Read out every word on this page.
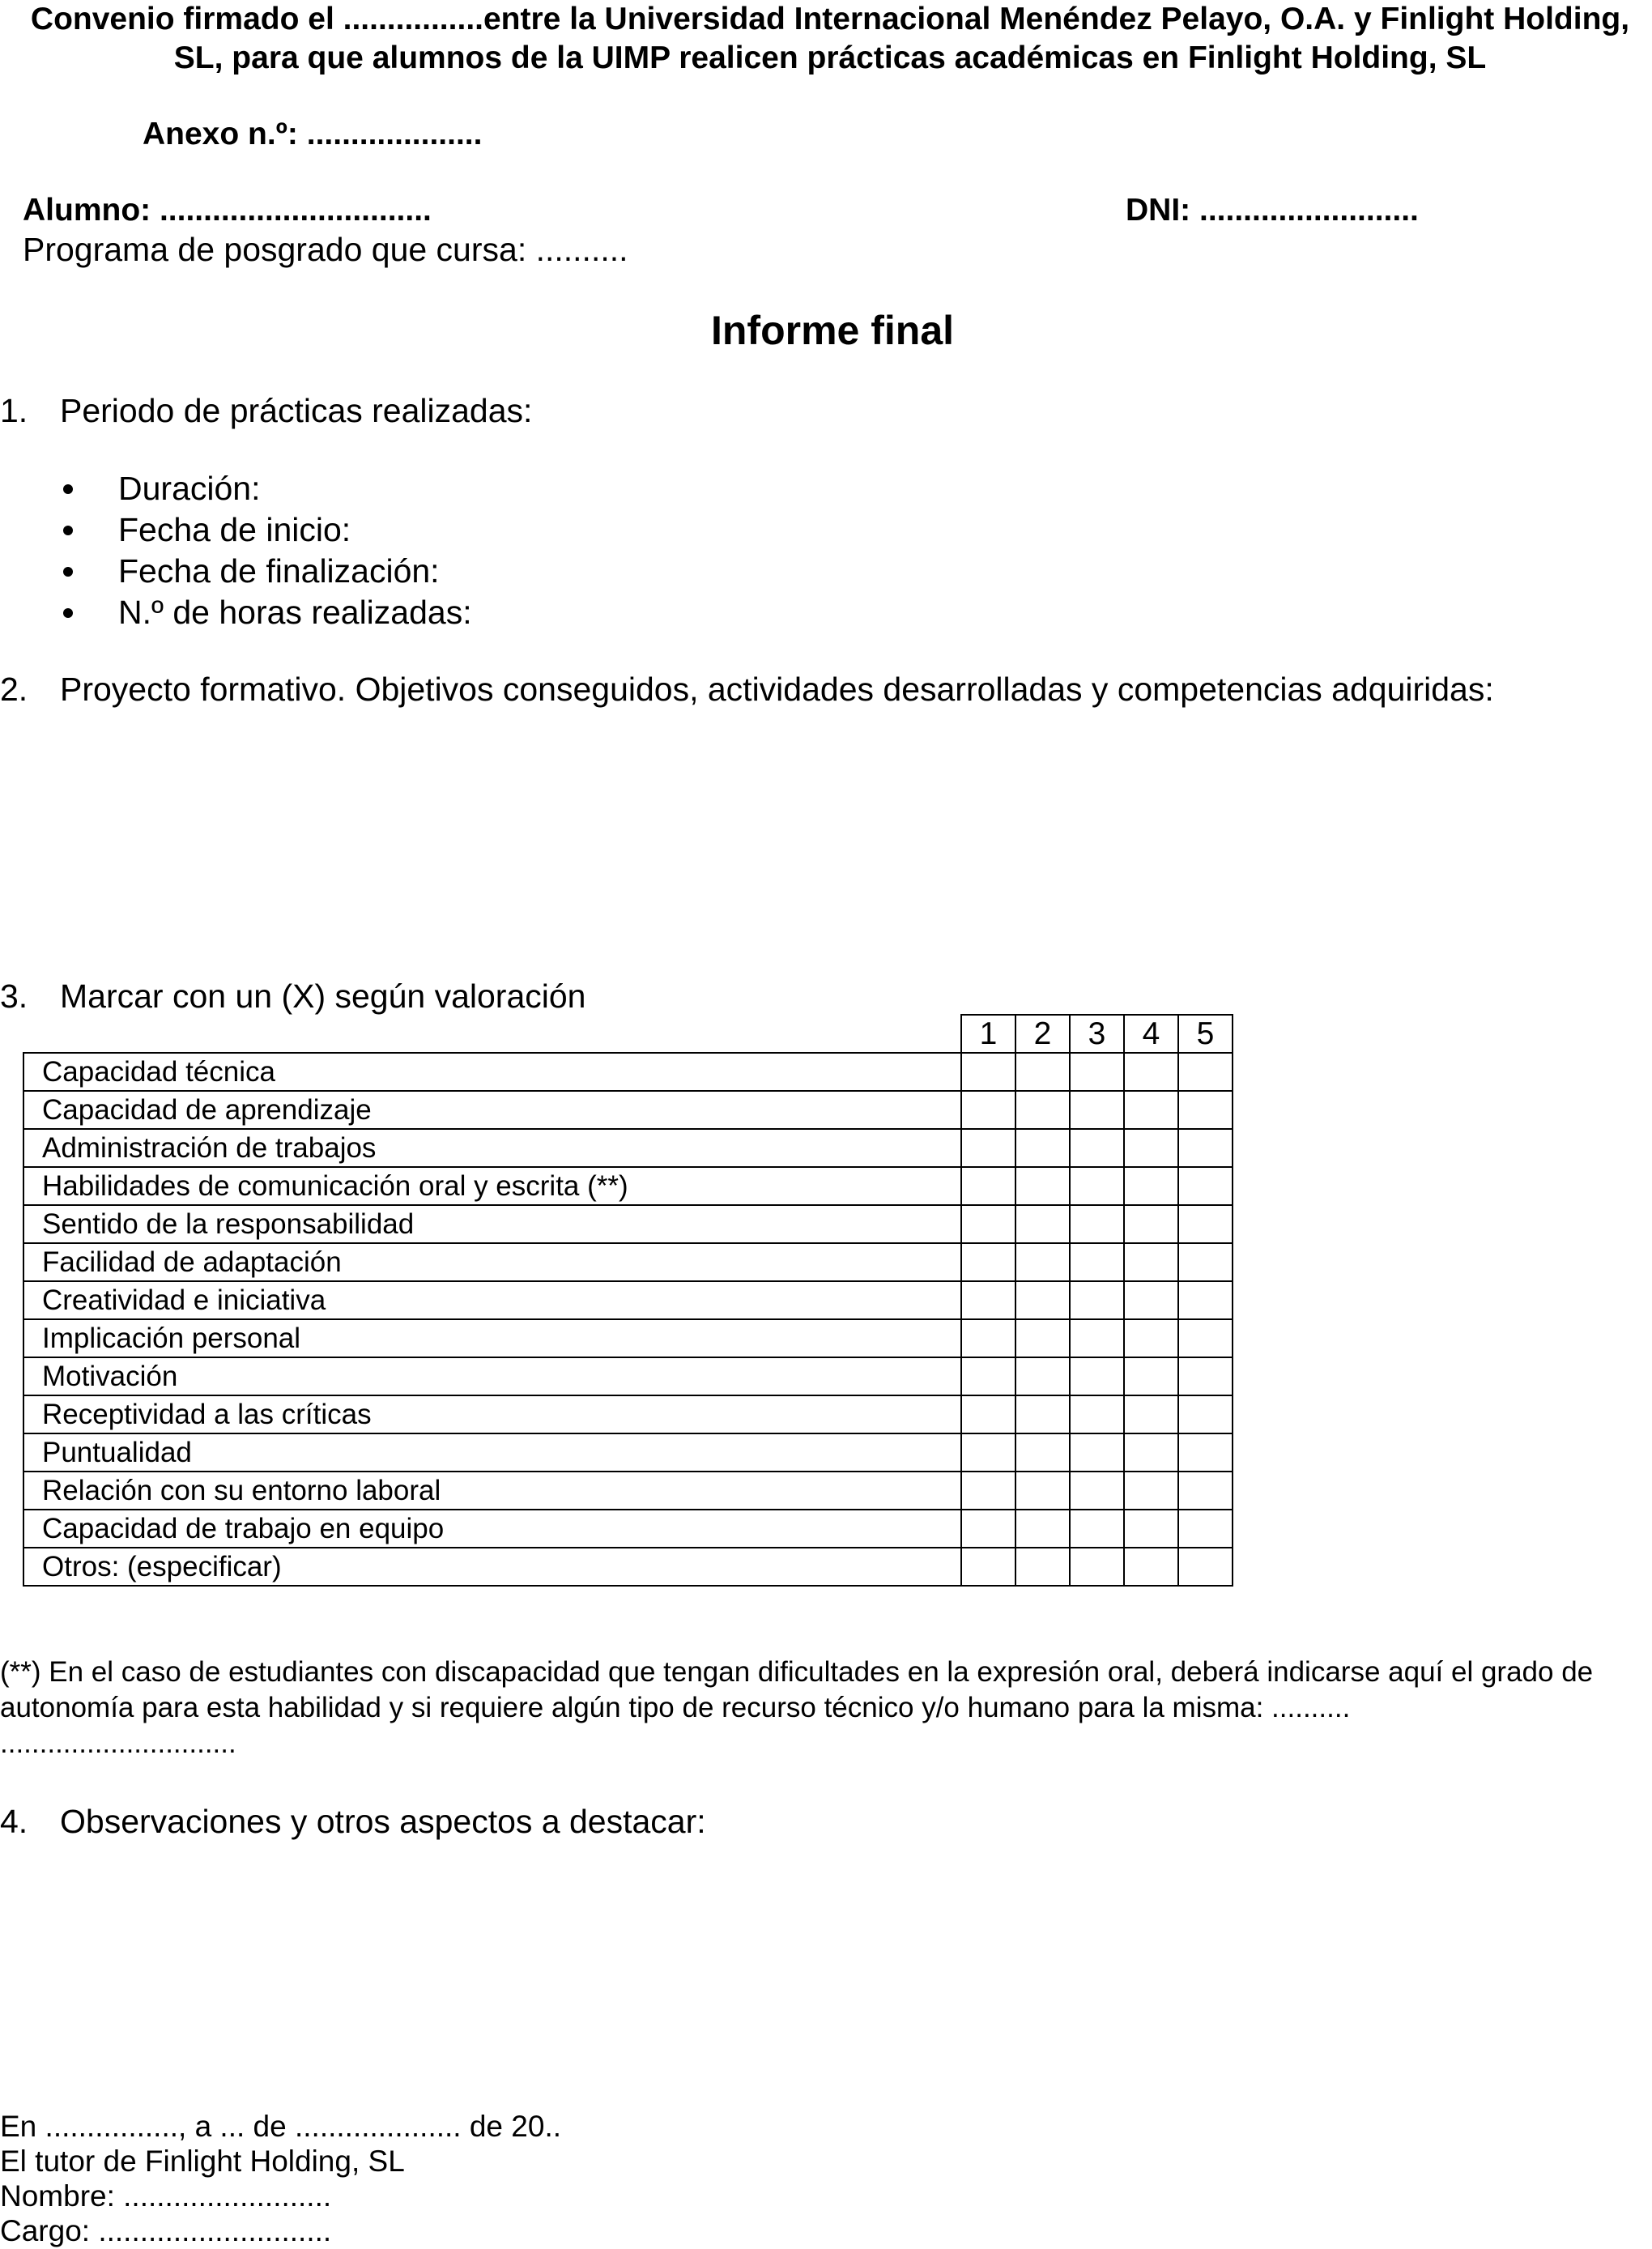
Convenio firmado el ................entre la Universidad Internacional Menéndez Pelayo, O.A. y Finlight Holding, SL, para que alumnos de la UIMP realicen prácticas académicas en Finlight Holding, SL
Anexo n.º: ....................
Alumno: ...............................	DNI: .........................
Programa de posgrado que cursa: ..........
Informe final
1. Periodo de prácticas realizadas:
Duración:
Fecha de inicio:
Fecha de finalización:
N.º de horas realizadas:
2. Proyecto formativo. Objetivos conseguidos, actividades desarrolladas y competencias adquiridas:
3. Marcar con un (X) según valoración
	1	2	3	4	5
Capacidad técnica					
Capacidad de aprendizaje					
Administración de trabajos					
Habilidades de comunicación oral y escrita (**)					
Sentido de la responsabilidad					
Facilidad de adaptación					
Creatividad e iniciativa					
Implicación personal					
Motivación					
Receptividad a las críticas					
Puntualidad					
Relación con su entorno laboral					
Capacidad de trabajo en equipo					
Otros: (especificar)					
(**) En el caso de estudiantes con discapacidad que tengan dificultades en la expresión oral, deberá indicarse aquí el grado de autonomía para esta habilidad y si requiere algún tipo de recurso técnico y/o humano para la misma: ..........
..............................
4. Observaciones y otros aspectos a destacar:
En ................, a ... de .................... de 20..
El tutor de Finlight Holding, SL
Nombre: .........................
Cargo: ............................
